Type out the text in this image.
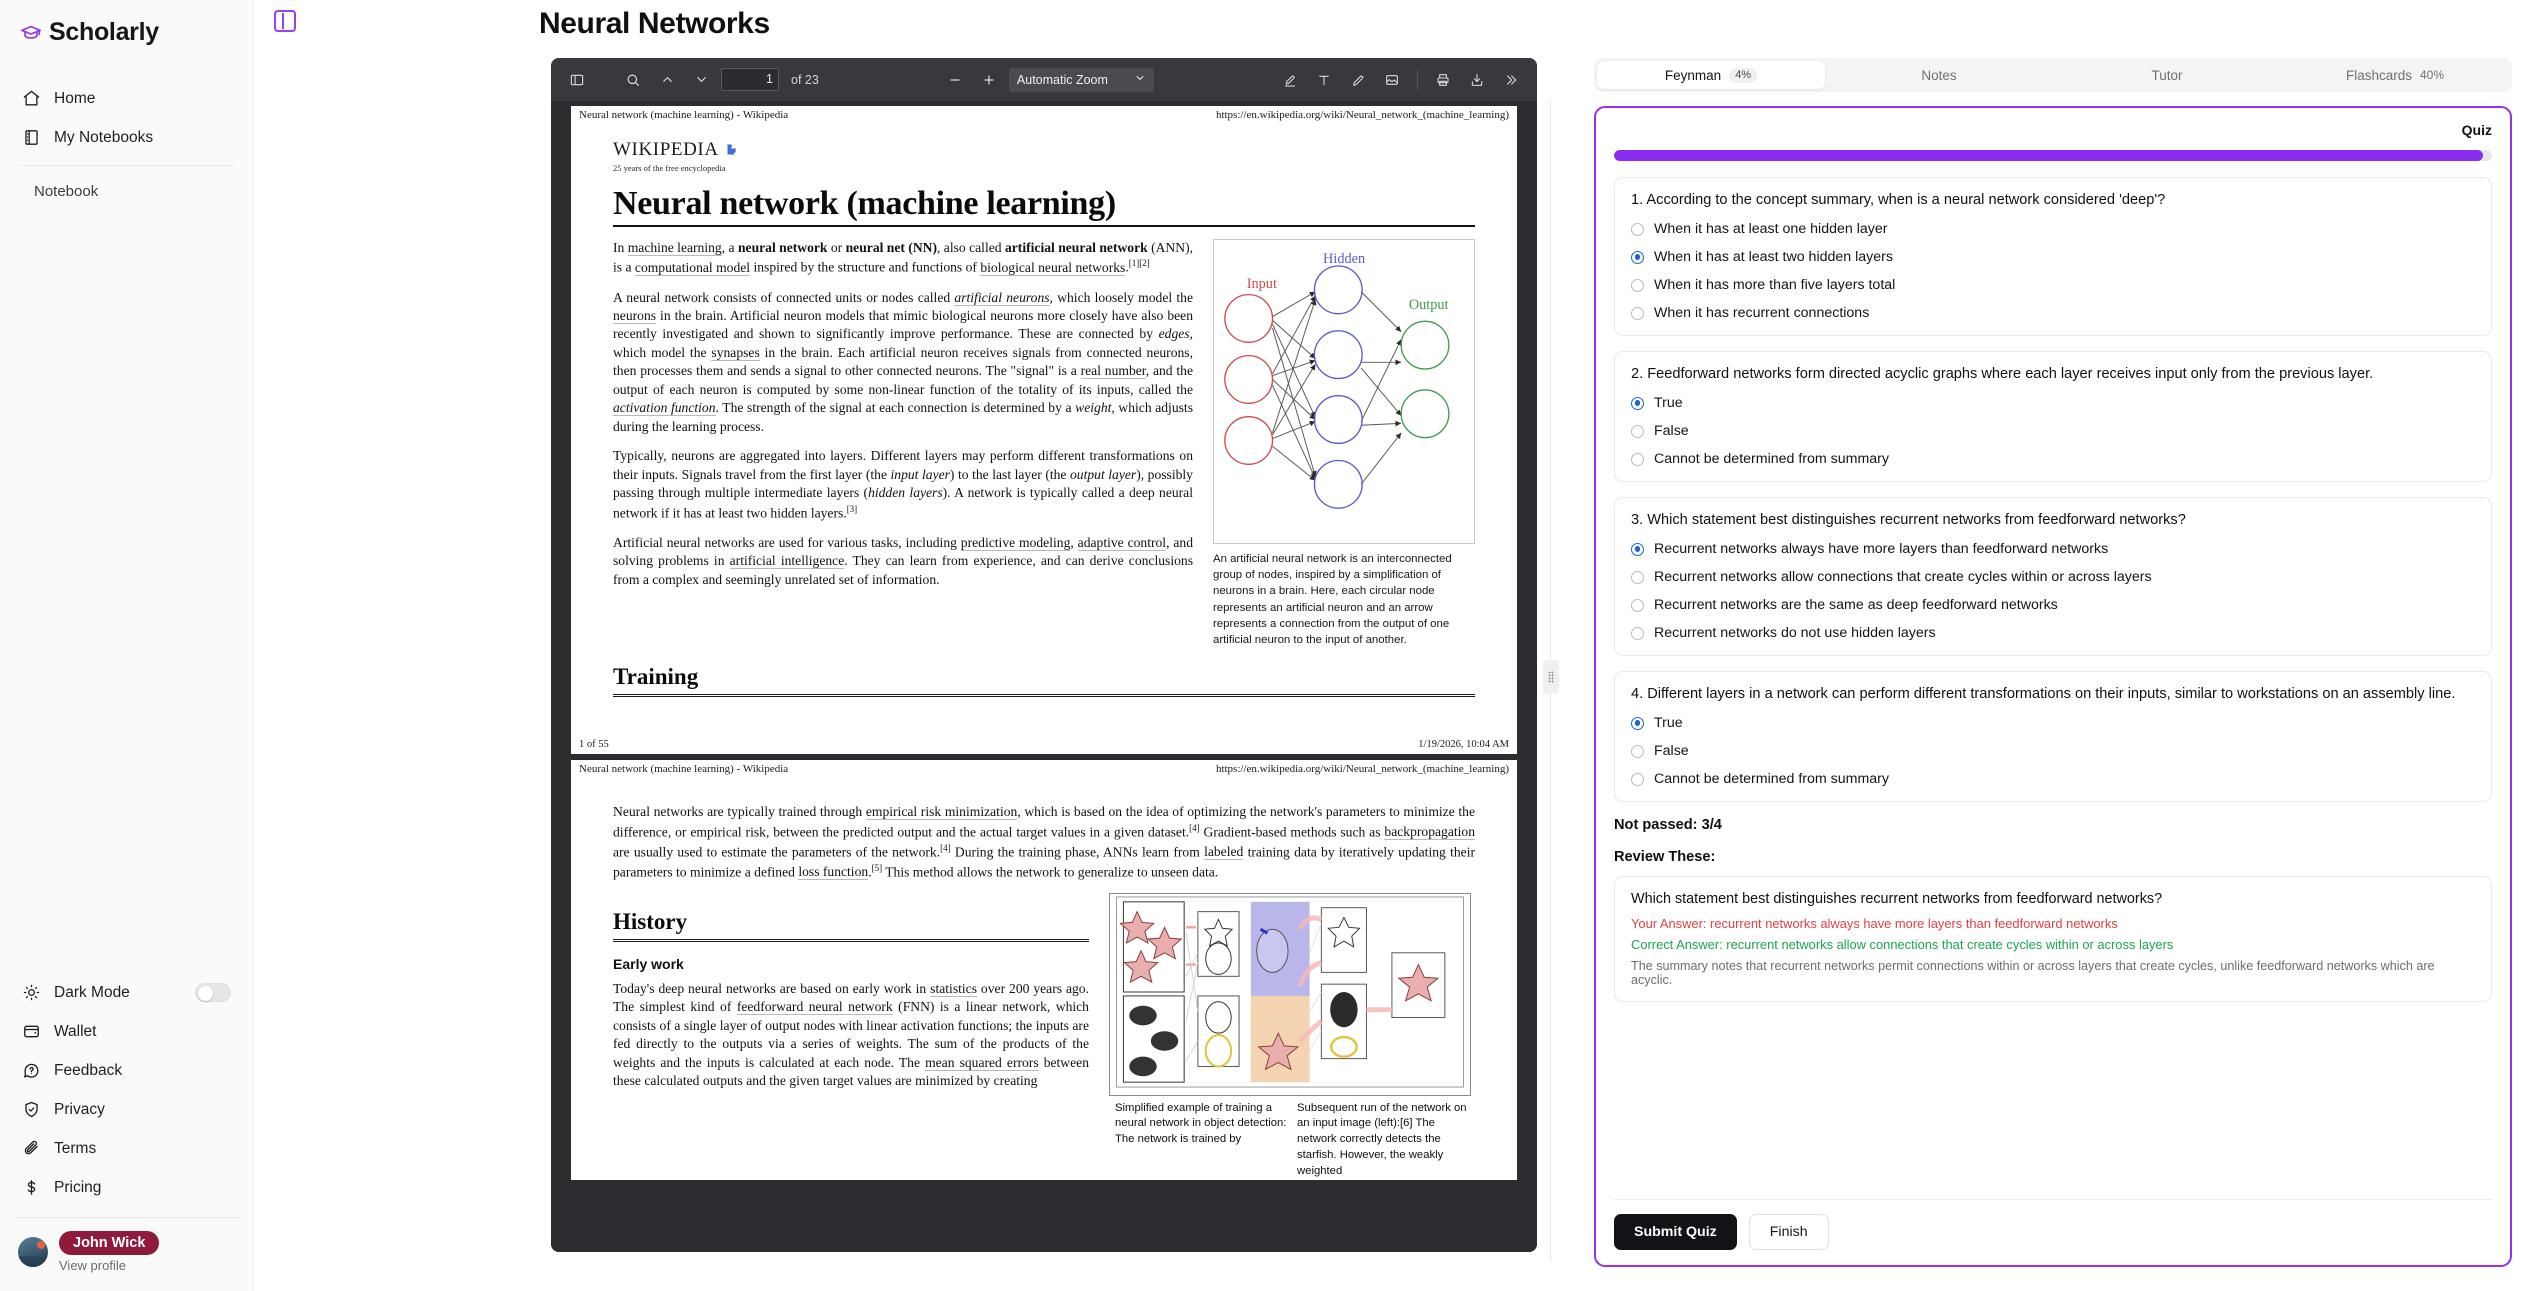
Scholarly
Home
My Notebooks
Notebook
Dark Mode
Wallet
Feedback
Privacy
Terms
Pricing
John Wick
View profile
Neural Networks
1	of 23	Automatic Zoom
Neural network (machine learning) - Wikipedia	https://en.wikipedia.org/wiki/Neural_network_(machine_learning)
WIKIPEDIA
25 years of the free encyclopedia
Neural network (machine learning)

In machine learning, a neural network or neural net (NN), also called artificial neural network (ANN), is a computational model inspired by the structure and functions of biological neural networks.[1][2]

A neural network consists of connected units or nodes called artificial neurons, which loosely model the neurons in the brain. Artificial neuron models that mimic biological neurons more closely have also been recently investigated and shown to significantly improve performance. These are connected by edges, which model the synapses in the brain. Each artificial neuron receives signals from connected neurons, then processes them and sends a signal to other connected neurons. The "signal" is a real number, and the output of each neuron is computed by some non-linear function of the totality of its inputs, called the activation function. The strength of the signal at each connection is determined by a weight, which adjusts during the learning process.

Typically, neurons are aggregated into layers. Different layers may perform different transformations on their inputs. Signals travel from the first layer (the input layer) to the last layer (the output layer), possibly passing through multiple intermediate layers (hidden layers). A network is typically called a deep neural network if it has at least two hidden layers.[3]

Artificial neural networks are used for various tasks, including predictive modeling, adaptive control, and solving problems in artificial intelligence. They can learn from experience, and can derive conclusions from a complex and seemingly unrelated set of information.

Input
Hidden
Output
An artificial neural network is an interconnected group of nodes, inspired by a simplification of neurons in a brain. Here, each circular node represents an artificial neuron and an arrow represents a connection from the output of one artificial neuron to the input of another.
Training
1 of 55	1/19/2026, 10:04 AM
Neural network (machine learning) - Wikipedia	https://en.wikipedia.org/wiki/Neural_network_(machine_learning)

Neural networks are typically trained through empirical risk minimization, which is based on the idea of optimizing the network's parameters to minimize the difference, or empirical risk, between the predicted output and the actual target values in a given dataset.[4] Gradient-based methods such as backpropagation are usually used to estimate the parameters of the network.[4] During the training phase, ANNs learn from labeled training data by iteratively updating their parameters to minimize a defined loss function.[5] This method allows the network to generalize to unseen data.

History
Early work

Today's deep neural networks are based on early work in statistics over 200 years ago. The simplest kind of feedforward neural network (FNN) is a linear network, which consists of a single layer of output nodes with linear activation functions; the inputs are fed directly to the outputs via a series of weights. The sum of the products of the weights and the inputs is calculated at each node. The mean squared errors between these calculated outputs and the given target values are minimized by creating

Simplified example of training a neural network in object detection: The network is trained by
Subsequent run of the network on an input image (left):[6] The network correctly detects the starfish. However, the weakly weighted
Feynman	4%	Notes	Tutor	Flashcards 40%
Quiz
1. According to the concept summary, when is a neural network considered 'deep'?
When it has at least one hidden layer
When it has at least two hidden layers
When it has more than five layers total
When it has recurrent connections
2. Feedforward networks form directed acyclic graphs where each layer receives input only from the previous layer.
True
False
Cannot be determined from summary
3. Which statement best distinguishes recurrent networks from feedforward networks?
Recurrent networks always have more layers than feedforward networks
Recurrent networks allow connections that create cycles within or across layers
Recurrent networks are the same as deep feedforward networks
Recurrent networks do not use hidden layers
4. Different layers in a network can perform different transformations on their inputs, similar to workstations on an assembly line.
True
False
Cannot be determined from summary
Not passed: 3/4
Review These:
Which statement best distinguishes recurrent networks from feedforward networks?
Your Answer: recurrent networks always have more layers than feedforward networks
Correct Answer: recurrent networks allow connections that create cycles within or across layers
The summary notes that recurrent networks permit connections within or across layers that create cycles, unlike feedforward networks which are acyclic.
Submit Quiz	Finish
